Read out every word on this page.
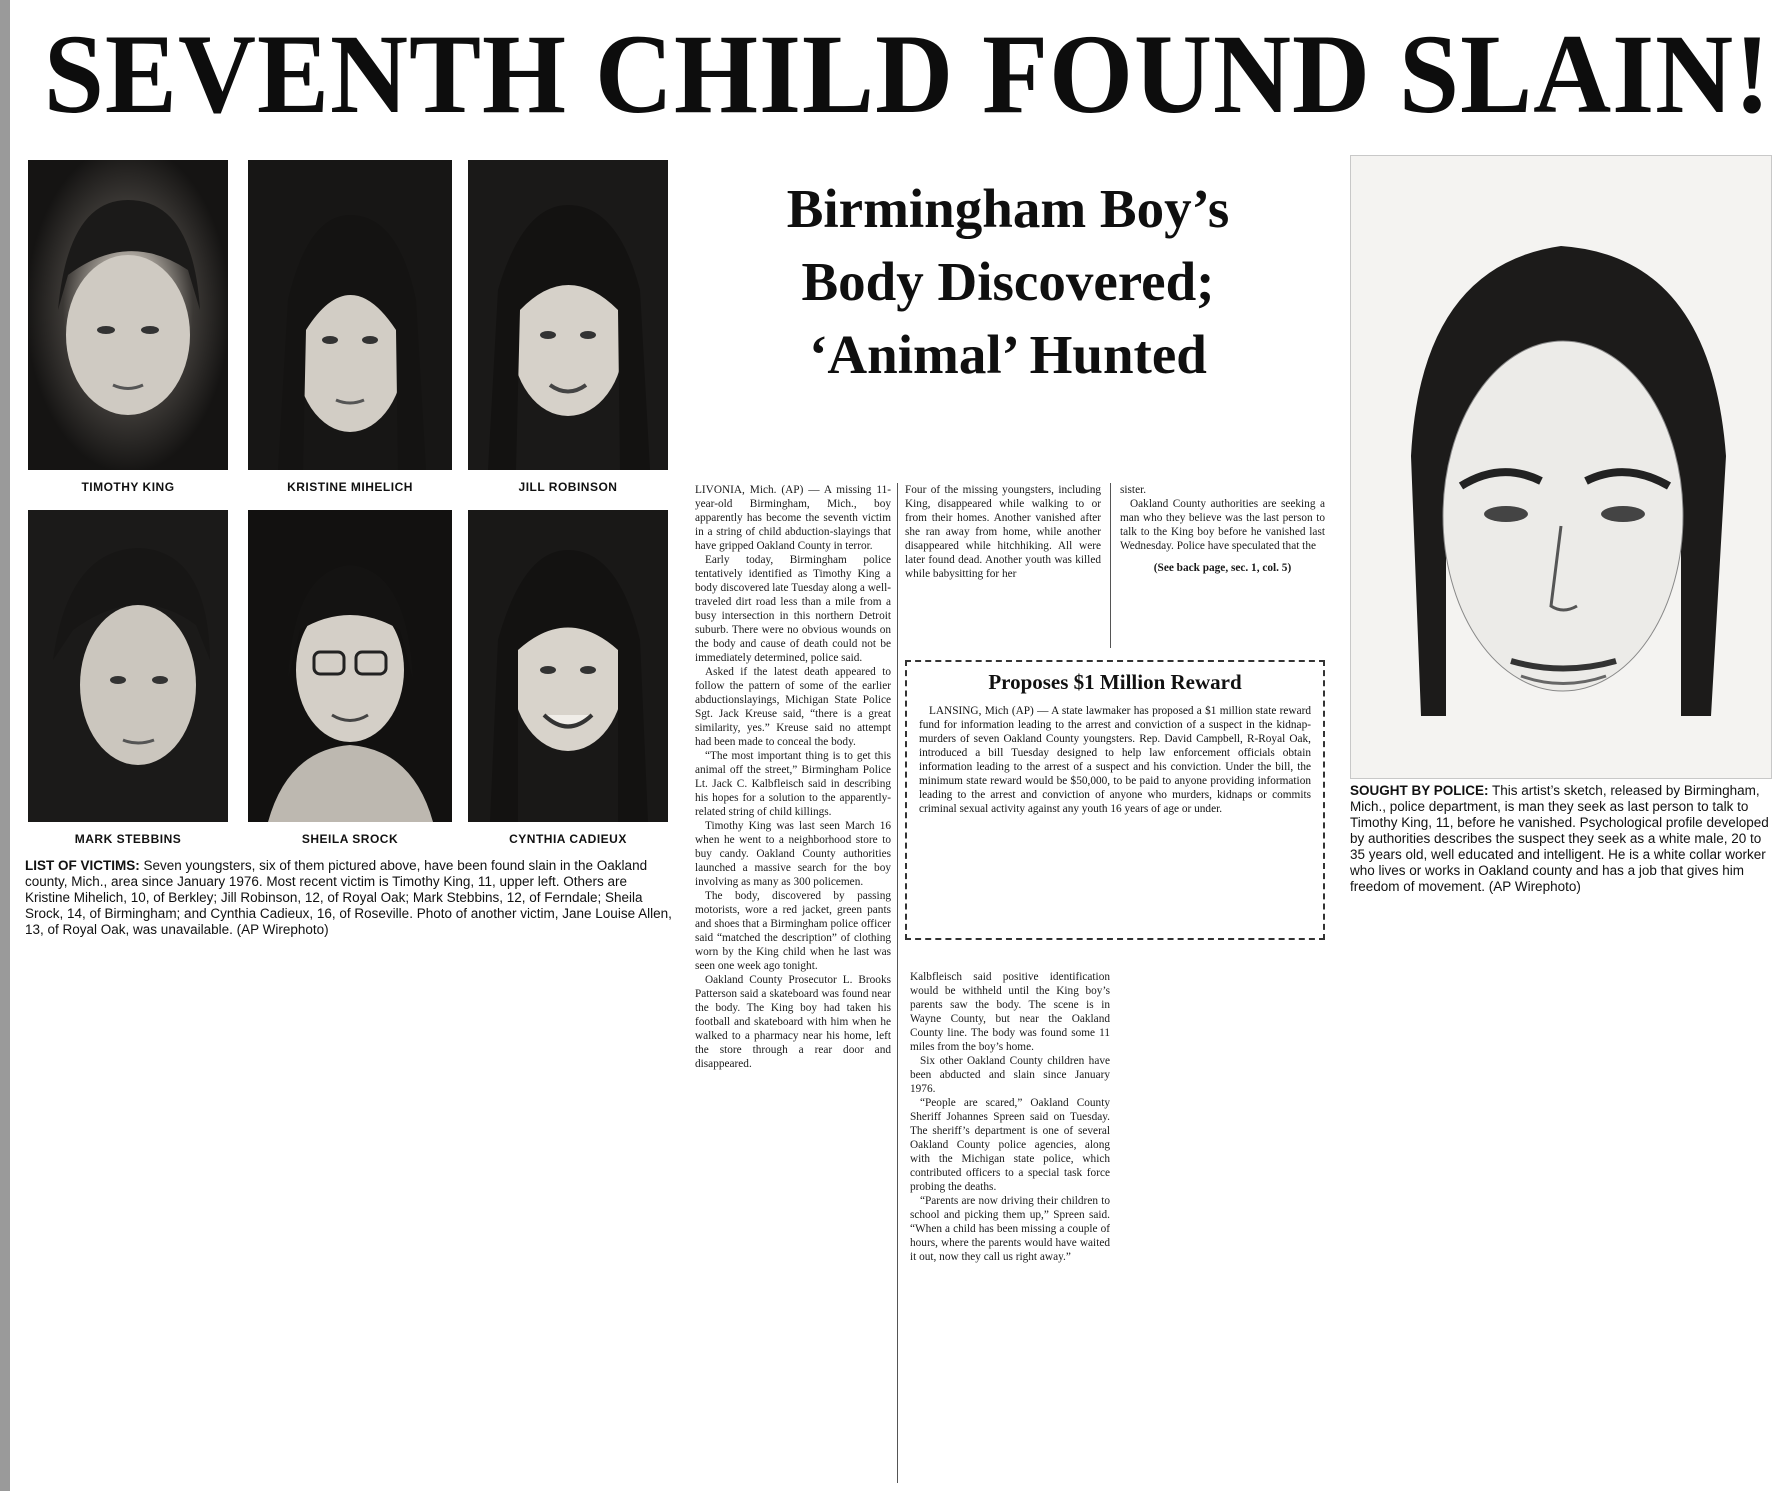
SEVENTH CHILD FOUND SLAIN!
TIMOTHY KING	KRISTINE MIHELICH	JILL ROBINSON
MARK STEBBINS	SHEILA SROCK	CYNTHIA CADIEUX
LIST OF VICTIMS: Seven youngsters, six of them pictured above, have been found slain in the Oakland county, Mich., area since January 1976. Most recent victim is Timothy King, 11, upper left. Others are Kristine Mihelich, 10, of Berkley; Jill Robinson, 12, of Royal Oak; Mark Stebbins, 12, of Ferndale; Sheila Srock, 14, of Birmingham; and Cynthia Cadieux, 16, of Roseville. Photo of another victim, Jane Louise Allen, 13, of Royal Oak, was unavailable. (AP Wirephoto)
Birmingham Boy’s
Body Discovered;
‘Animal’ Hunted

LIVONIA, Mich. (AP) — A missing 11-year-old Birmingham, Mich., boy apparently has become the seventh victim in a string of child abduction-slayings that have gripped Oakland County in terror.

Early today, Birmingham police tentatively identified as Timothy King a body discovered late Tuesday along a well-traveled dirt road less than a mile from a busy intersection in this northern Detroit suburb. There were no obvious wounds on the body and cause of death could not be immediately determined, police said.

Asked if the latest death appeared to follow the pattern of some of the earlier abductionslayings, Michigan State Police Sgt. Jack Kreuse said, “there is a great similarity, yes.” Kreuse said no attempt had been made to conceal the body.

“The most important thing is to get this animal off the street,” Birmingham Police Lt. Jack C. Kalbfleisch said in describing his hopes for a solution to the apparently-related string of child killings.

Timothy King was last seen March 16 when he went to a neighborhood store to buy candy. Oakland County authorities launched a massive search for the boy involving as many as 300 policemen.

The body, discovered by passing motorists, wore a red jacket, green pants and shoes that a Birmingham police officer said “matched the description” of clothing worn by the King child when he last was seen one week ago tonight.

Oakland County Prosecutor L. Brooks Patterson said a skateboard was found near the body. The King boy had taken his football and skateboard with him when he walked to a pharmacy near his home, left the store through a rear door and disappeared.

Four of the missing youngsters, including King, disappeared while walking to or from their homes. Another vanished after she ran away from home, while another disappeared while hitchhiking. All were later found dead. Another youth was killed while babysitting for her

sister.

Oakland County authorities are seeking a man who they believe was the last person to talk to the King boy before he vanished last Wednesday. Police have speculated that the

(See back page, sec. 1, col. 5)
Proposes $1 Million Reward

LANSING, Mich (AP) — A state lawmaker has proposed a $1 million state reward fund for information leading to the arrest and conviction of a suspect in the kidnap-murders of seven Oakland County youngsters. Rep. David Campbell, R-Royal Oak, introduced a bill Tuesday designed to help law enforcement officials obtain information leading to the arrest of a suspect and his conviction. Under the bill, the minimum state reward would be $50,000, to be paid to anyone providing information leading to the arrest and conviction of anyone who murders, kidnaps or commits criminal sexual activity against any youth 16 years of age or under.

Kalbfleisch said positive identification would be withheld until the King boy’s parents saw the body. The scene is in Wayne County, but near the Oakland County line. The body was found some 11 miles from the boy’s home.

Six other Oakland County children have been abducted and slain since January 1976.

“People are scared,” Oakland County Sheriff Johannes Spreen said on Tuesday. The sheriff’s department is one of several Oakland County police agencies, along with the Michigan state police, which contributed officers to a special task force probing the deaths.

“Parents are now driving their children to school and picking them up,” Spreen said. “When a child has been missing a couple of hours, where the parents would have waited it out, now they call us right away.”

SOUGHT BY POLICE: This artist’s sketch, released by Birmingham, Mich., police department, is man they seek as last person to talk to Timothy King, 11, before he vanished. Psychological profile developed by authorities describes the suspect they seek as a white male, 20 to 35 years old, well educated and intelligent. He is a white collar worker who lives or works in Oakland county and has a job that gives him freedom of movement. (AP Wirephoto)
